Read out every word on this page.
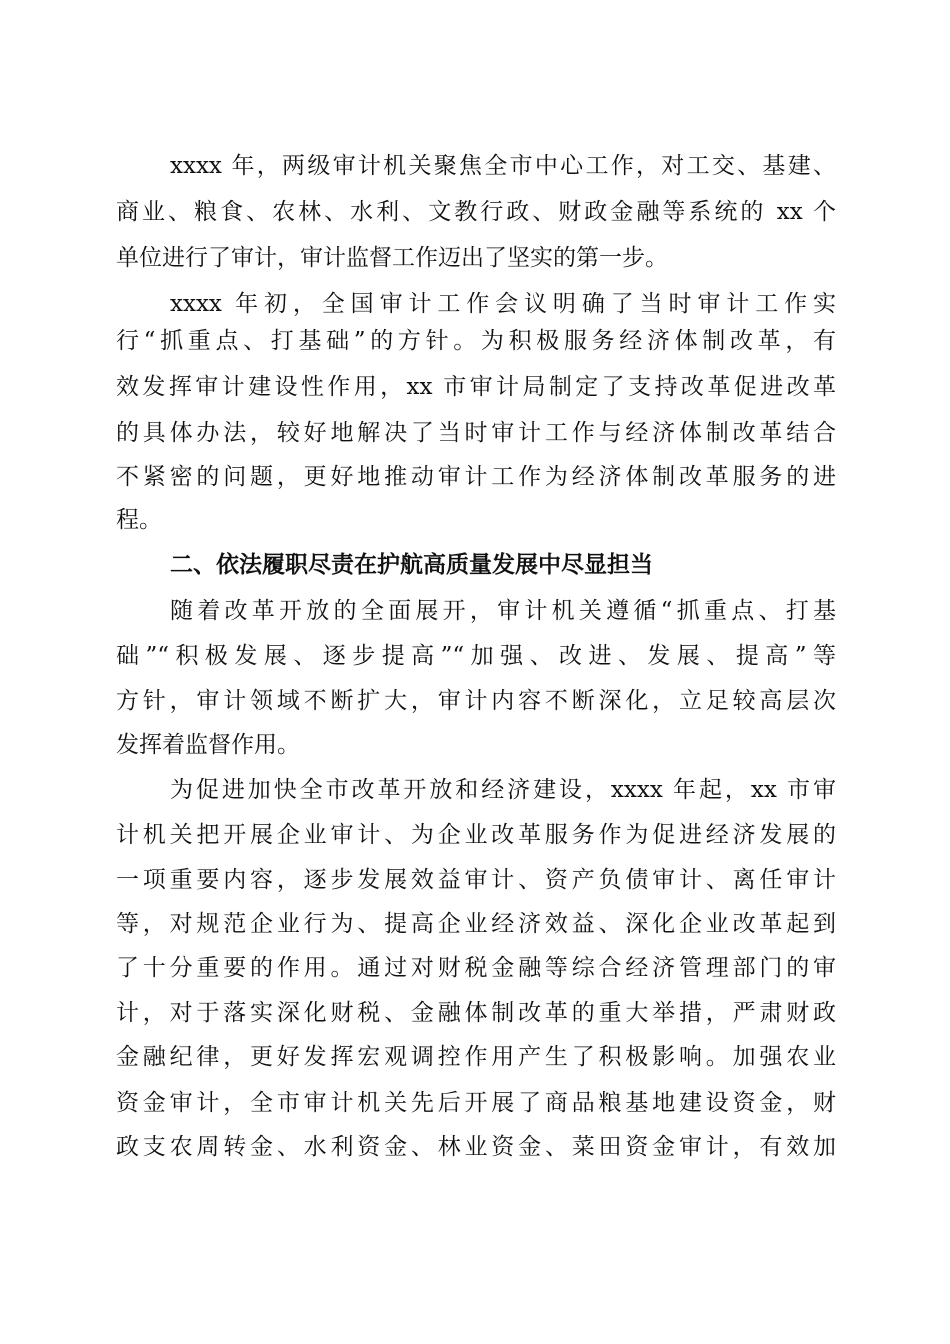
xxxx 年，两级审计机关聚焦全市中心工作，对工交、基建、

商业、粮食、农林、水利、文教行政、财政金融等系统的 xx 个

单位进行了审计，审计监督工作迈出了坚实的第一步。

xxxx 年初，全国审计工作会议明确了当时审计工作实

行“抓重点、打基础”的方针。为积极服务经济体制改革，有

效发挥审计建设性作用，xx 市审计局制定了支持改革促进改革

的具体办法，较好地解决了当时审计工作与经济体制改革结合

不紧密的问题，更好地推动审计工作为经济体制改革服务的进

程。

二、依法履职尽责在护航高质量发展中尽显担当

随着改革开放的全面展开，审计机关遵循“抓重点、打基

础”“积极发展、逐步提高”“加强、改进、发展、提高”等

方针，审计领域不断扩大，审计内容不断深化，立足较高层次

发挥着监督作用。

为促进加快全市改革开放和经济建设，xxxx 年起，xx 市审

计机关把开展企业审计、为企业改革服务作为促进经济发展的

一项重要内容，逐步发展效益审计、资产负债审计、离任审计

等，对规范企业行为、提高企业经济效益、深化企业改革起到

了十分重要的作用。通过对财税金融等综合经济管理部门的审

计，对于落实深化财税、金融体制改革的重大举措，严肃财政

金融纪律，更好发挥宏观调控作用产生了积极影响。加强农业

资金审计，全市审计机关先后开展了商品粮基地建设资金，财

政支农周转金、水利资金、林业资金、菜田资金审计，有效加
